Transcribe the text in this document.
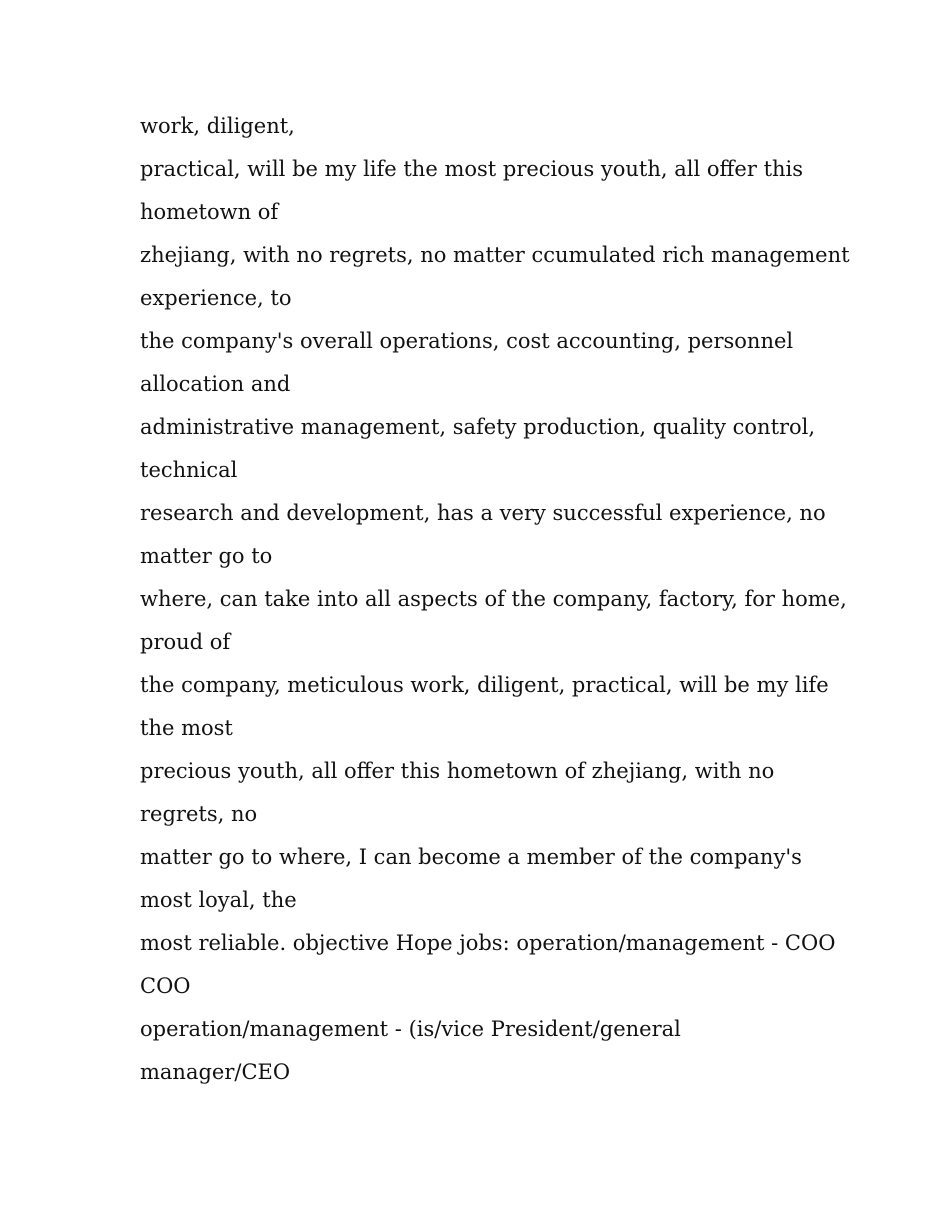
work, diligent,
practical, will be my life the most precious youth, all offer this
hometown of
zhejiang, with no regrets, no matter ccumulated rich management
experience, to
the company's overall operations, cost accounting, personnel
allocation and
administrative management, safety production, quality control,
technical
research and development, has a very successful experience, no
matter go to
where, can take into all aspects of the company, factory, for home,
proud of
the company, meticulous work, diligent, practical, will be my life
the most
precious youth, all offer this hometown of zhejiang, with no
regrets, no
matter go to where, I can become a member of the company's
most loyal, the
most reliable. objective Hope jobs: operation/management - COO
COO
operation/management - (is/vice President/general
manager/CEO
